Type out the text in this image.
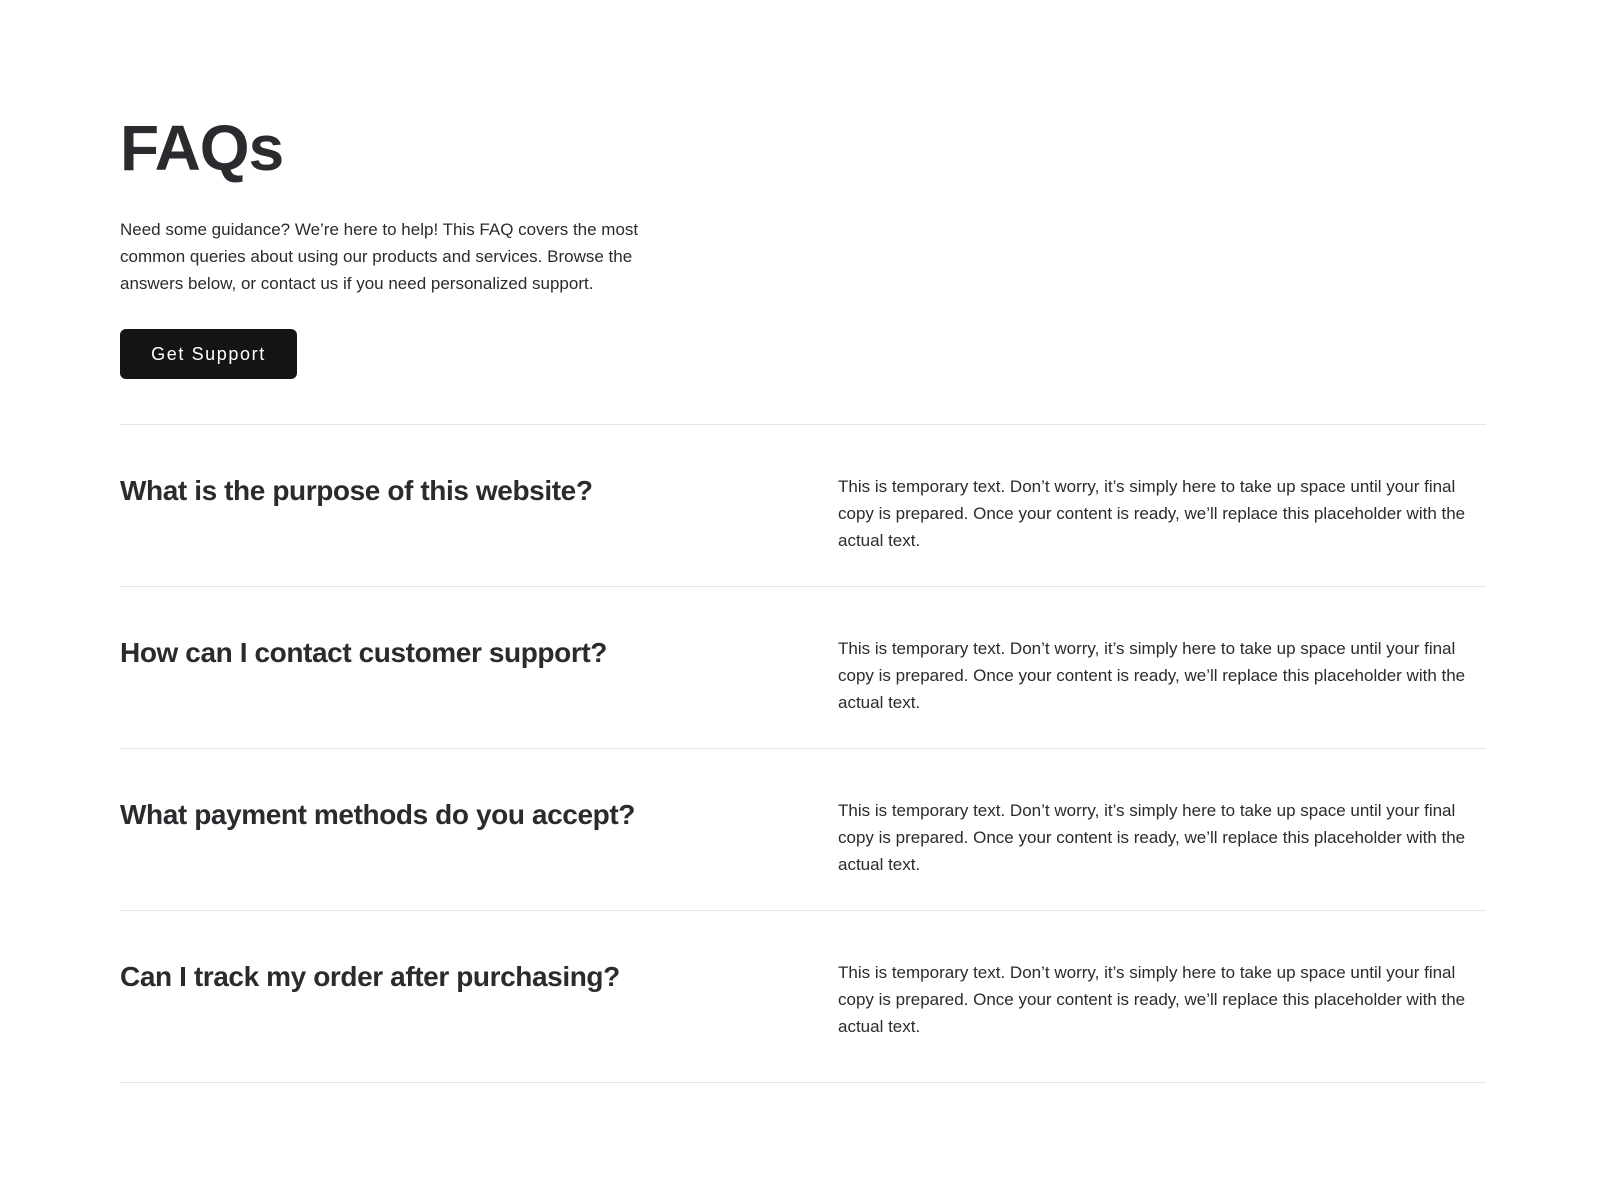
FAQs

Need some guidance? We’re here to help! This FAQ covers the most common queries about using our products and services. Browse the answers below, or contact us if you need personalized support.

Get Support
What is the purpose of this website?	This is temporary text. Don’t worry, it’s simply here to take up space until your final copy is prepared. Once your content is ready, we’ll replace this placeholder with the actual text.

How can I contact customer support?	This is temporary text. Don’t worry, it’s simply here to take up space until your final copy is prepared. Once your content is ready, we’ll replace this placeholder with the actual text.

What payment methods do you accept?	This is temporary text. Don’t worry, it’s simply here to take up space until your final copy is prepared. Once your content is ready, we’ll replace this placeholder with the actual text.

Can I track my order after purchasing?	This is temporary text. Don’t worry, it’s simply here to take up space until your final copy is prepared. Once your content is ready, we’ll replace this placeholder with the actual text.
